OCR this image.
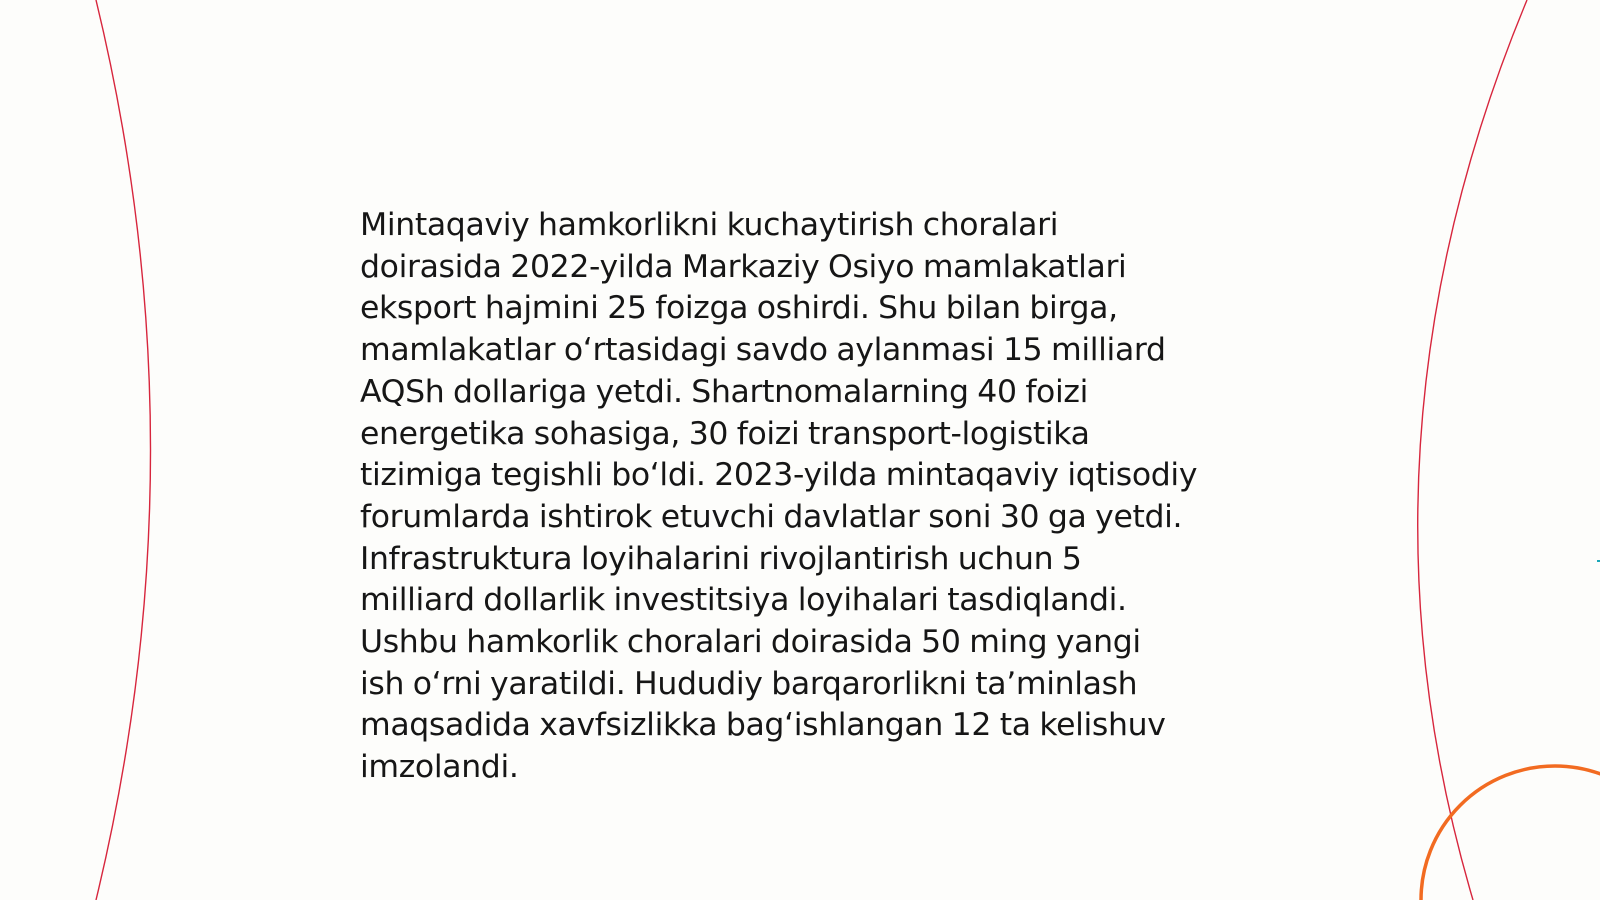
Mintaqaviy hamkorlikni kuchaytirish choralari
doirasida 2022-yilda Markaziy Osiyo mamlakatlari
eksport hajmini 25 foizga oshirdi. Shu bilan birga,
mamlakatlar o‘rtasidagi savdo aylanmasi 15 milliard
AQSh dollariga yetdi. Shartnomalarning 40 foizi
energetika sohasiga, 30 foizi transport-logistika
tizimiga tegishli bo‘ldi. 2023-yilda mintaqaviy iqtisodiy
forumlarda ishtirok etuvchi davlatlar soni 30 ga yetdi.
Infrastruktura loyihalarini rivojlantirish uchun 5
milliard dollarlik investitsiya loyihalari tasdiqlandi.
Ushbu hamkorlik choralari doirasida 50 ming yangi
ish o‘rni yaratildi. Hududiy barqarorlikni ta’minlash
maqsadida xavfsizlikka bag‘ishlangan 12 ta kelishuv
imzolandi.
